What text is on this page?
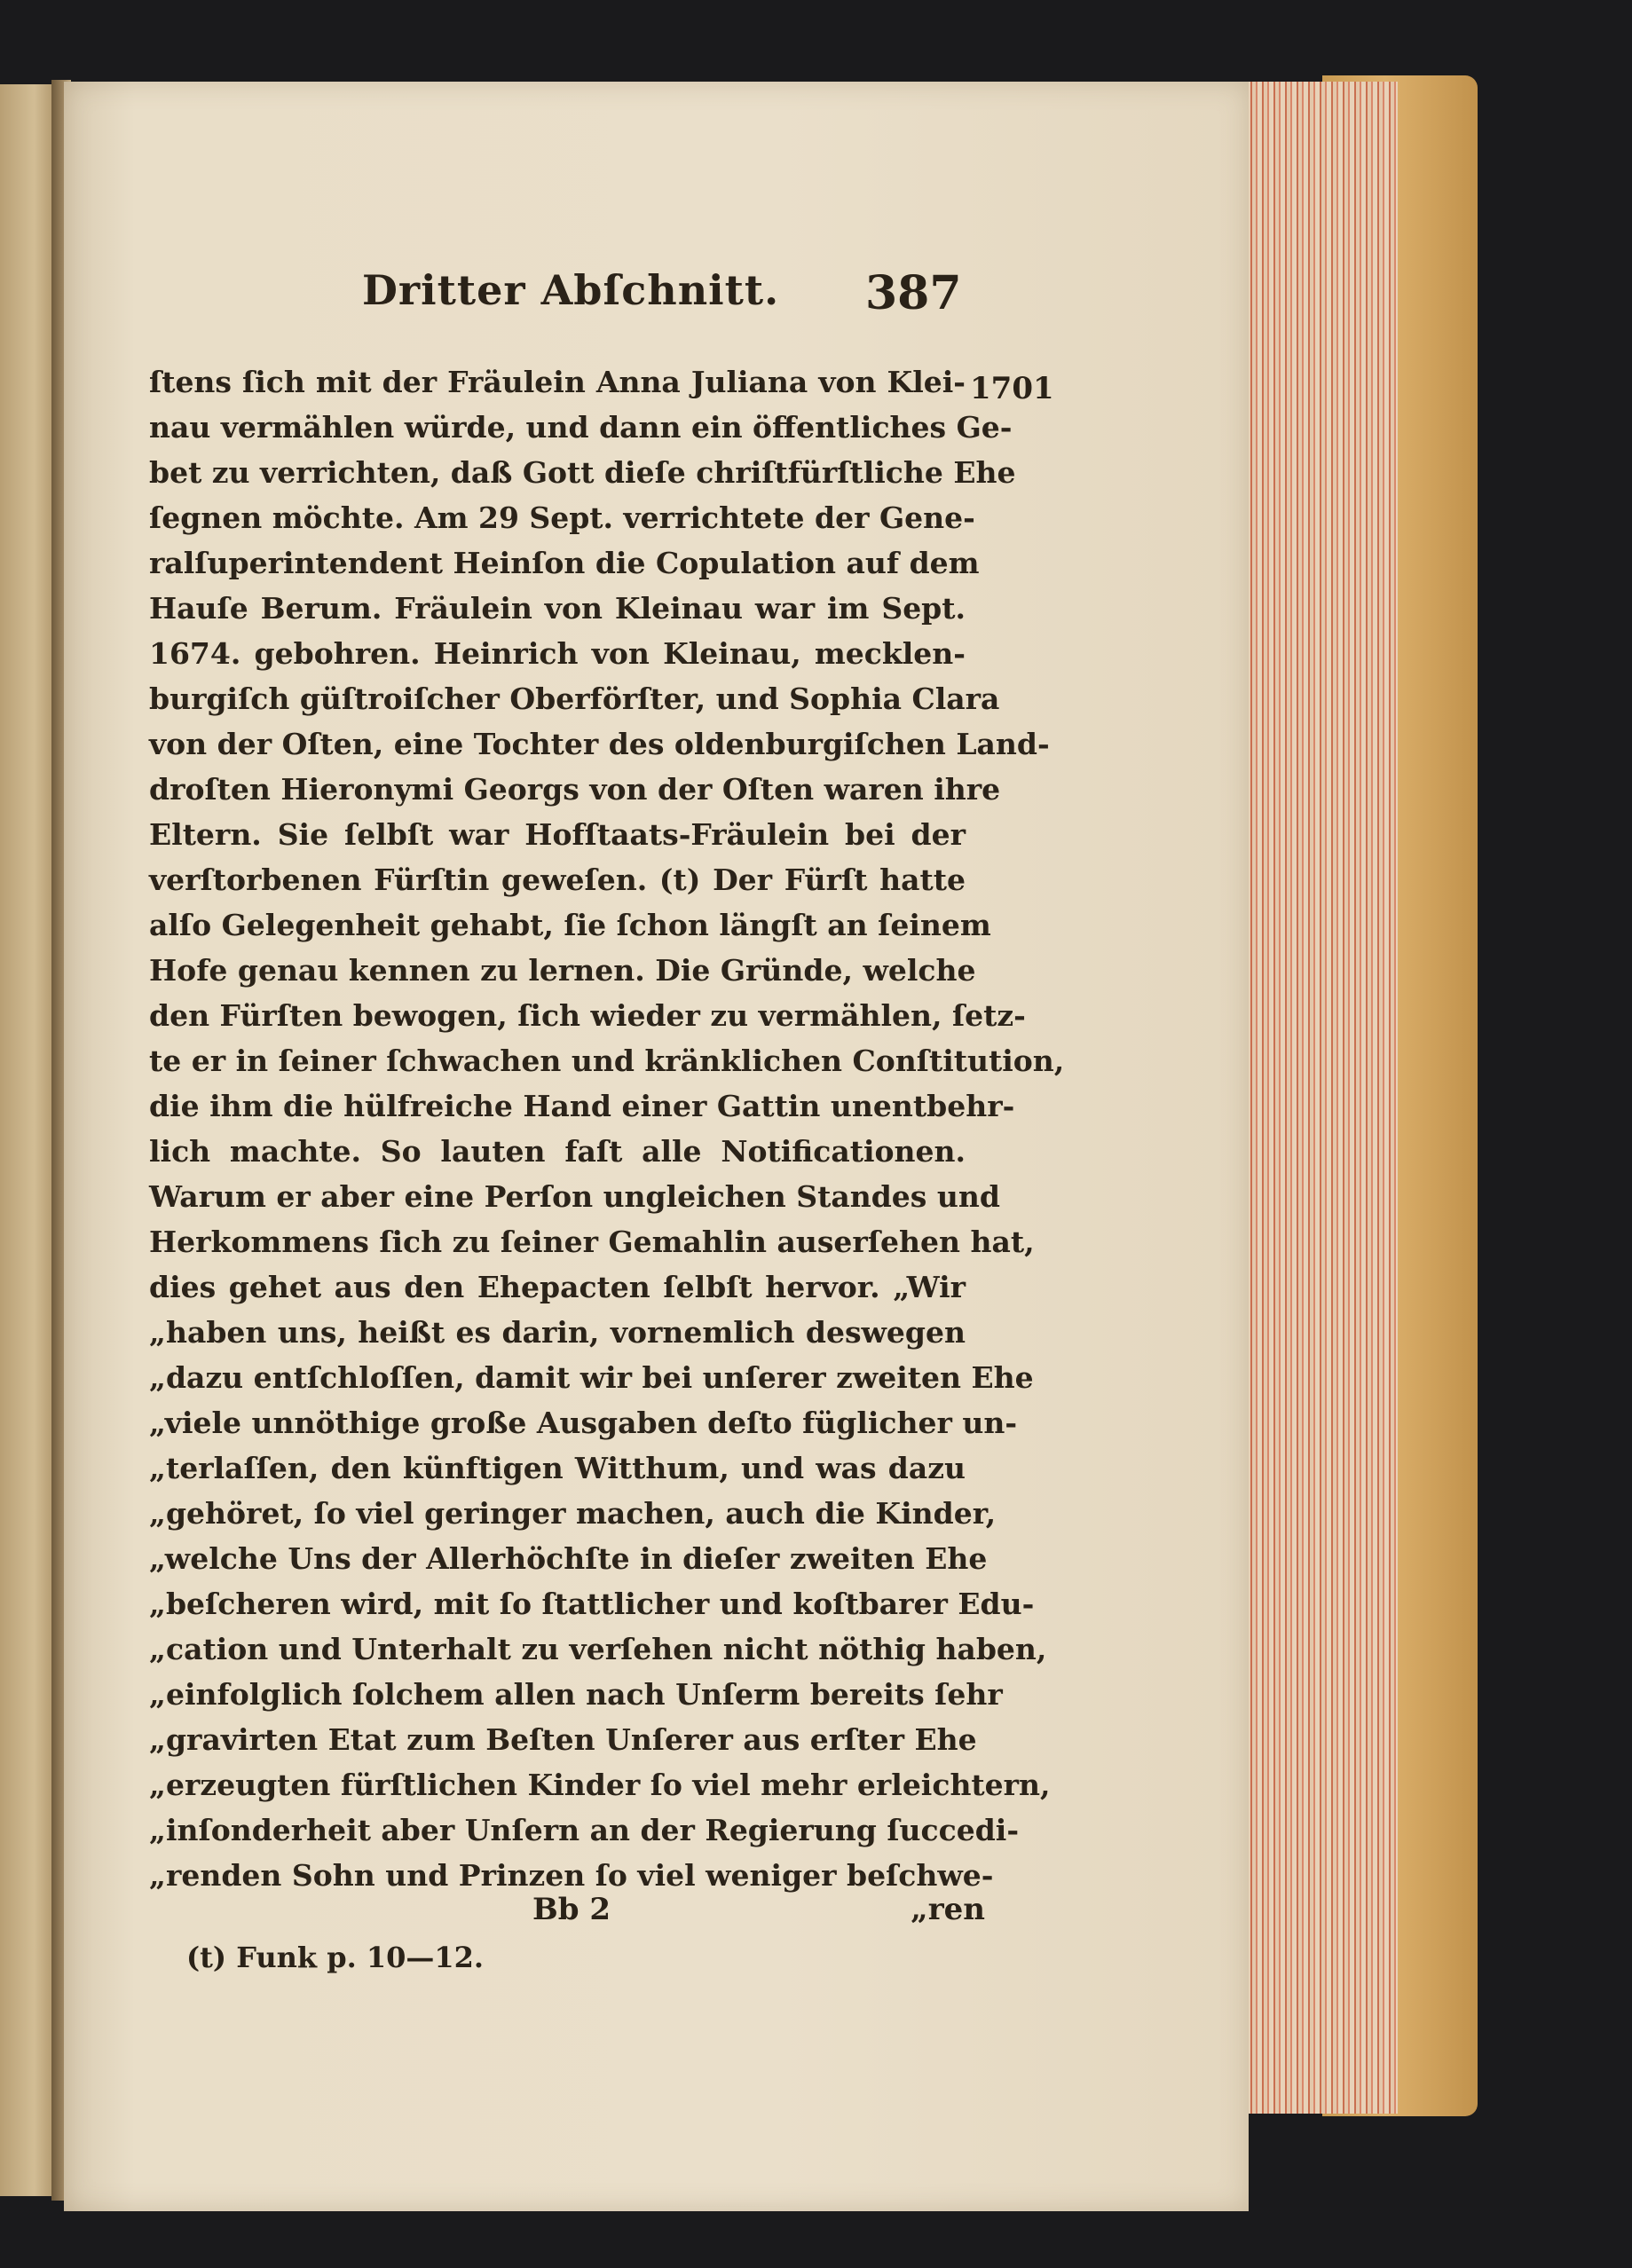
Dritter Abſchnitt.	387
1701
ſtens ſich mit der Fräulein Anna Juliana von Klei-
nau vermählen würde, und dann ein öffentliches Ge-
bet zu verrichten, daß Gott dieſe chriſtfürſtliche Ehe
ſegnen möchte. Am 29 Sept. verrichtete der Gene-
ralſuperintendent Heinſon die Copulation auf dem
Hauſe Berum. Fräulein von Kleinau war im Sept.
1674. gebohren. Heinrich von Kleinau, mecklen-
burgiſch güſtroiſcher Oberförſter, und Sophia Clara
von der Oſten, eine Tochter des oldenburgiſchen Land-
droſten Hieronymi Georgs von der Oſten waren ihre
Eltern. Sie ſelbſt war Hofſtaats-Fräulein bei der
verſtorbenen Fürſtin geweſen. (t) Der Fürſt hatte
alſo Gelegenheit gehabt, ſie ſchon längſt an ſeinem
Hofe genau kennen zu lernen. Die Gründe, welche
den Fürſten bewogen, ſich wieder zu vermählen, ſetz-
te er in ſeiner ſchwachen und kränklichen Conſtitution,
die ihm die hülfreiche Hand einer Gattin unentbehr-
lich machte. So lauten faſt alle Notificationen.
Warum er aber eine Perſon ungleichen Standes und
Herkommens ſich zu ſeiner Gemahlin auserſehen hat,
dies gehet aus den Ehepacten ſelbſt hervor. „Wir
„haben uns, heißt es darin, vornemlich deswegen
„dazu entſchloſſen, damit wir bei unſerer zweiten Ehe
„viele unnöthige große Ausgaben deſto füglicher un-
„terlaſſen, den künftigen Witthum, und was dazu
„gehöret, ſo viel geringer machen, auch die Kinder,
„welche Uns der Allerhöchſte in dieſer zweiten Ehe
„beſcheren wird, mit ſo ſtattlicher und koſtbarer Edu-
„cation und Unterhalt zu verſehen nicht nöthig haben,
„einfolglich ſolchem allen nach Unſerm bereits ſehr
„gravirten Etat zum Beſten Unſerer aus erſter Ehe
„erzeugten fürſtlichen Kinder ſo viel mehr erleichtern,
„inſonderheit aber Unſern an der Regierung ſuccedi-
„renden Sohn und Prinzen ſo viel weniger beſchwe-
Bb 2	„ren
(t) Funk p. 10—12.
